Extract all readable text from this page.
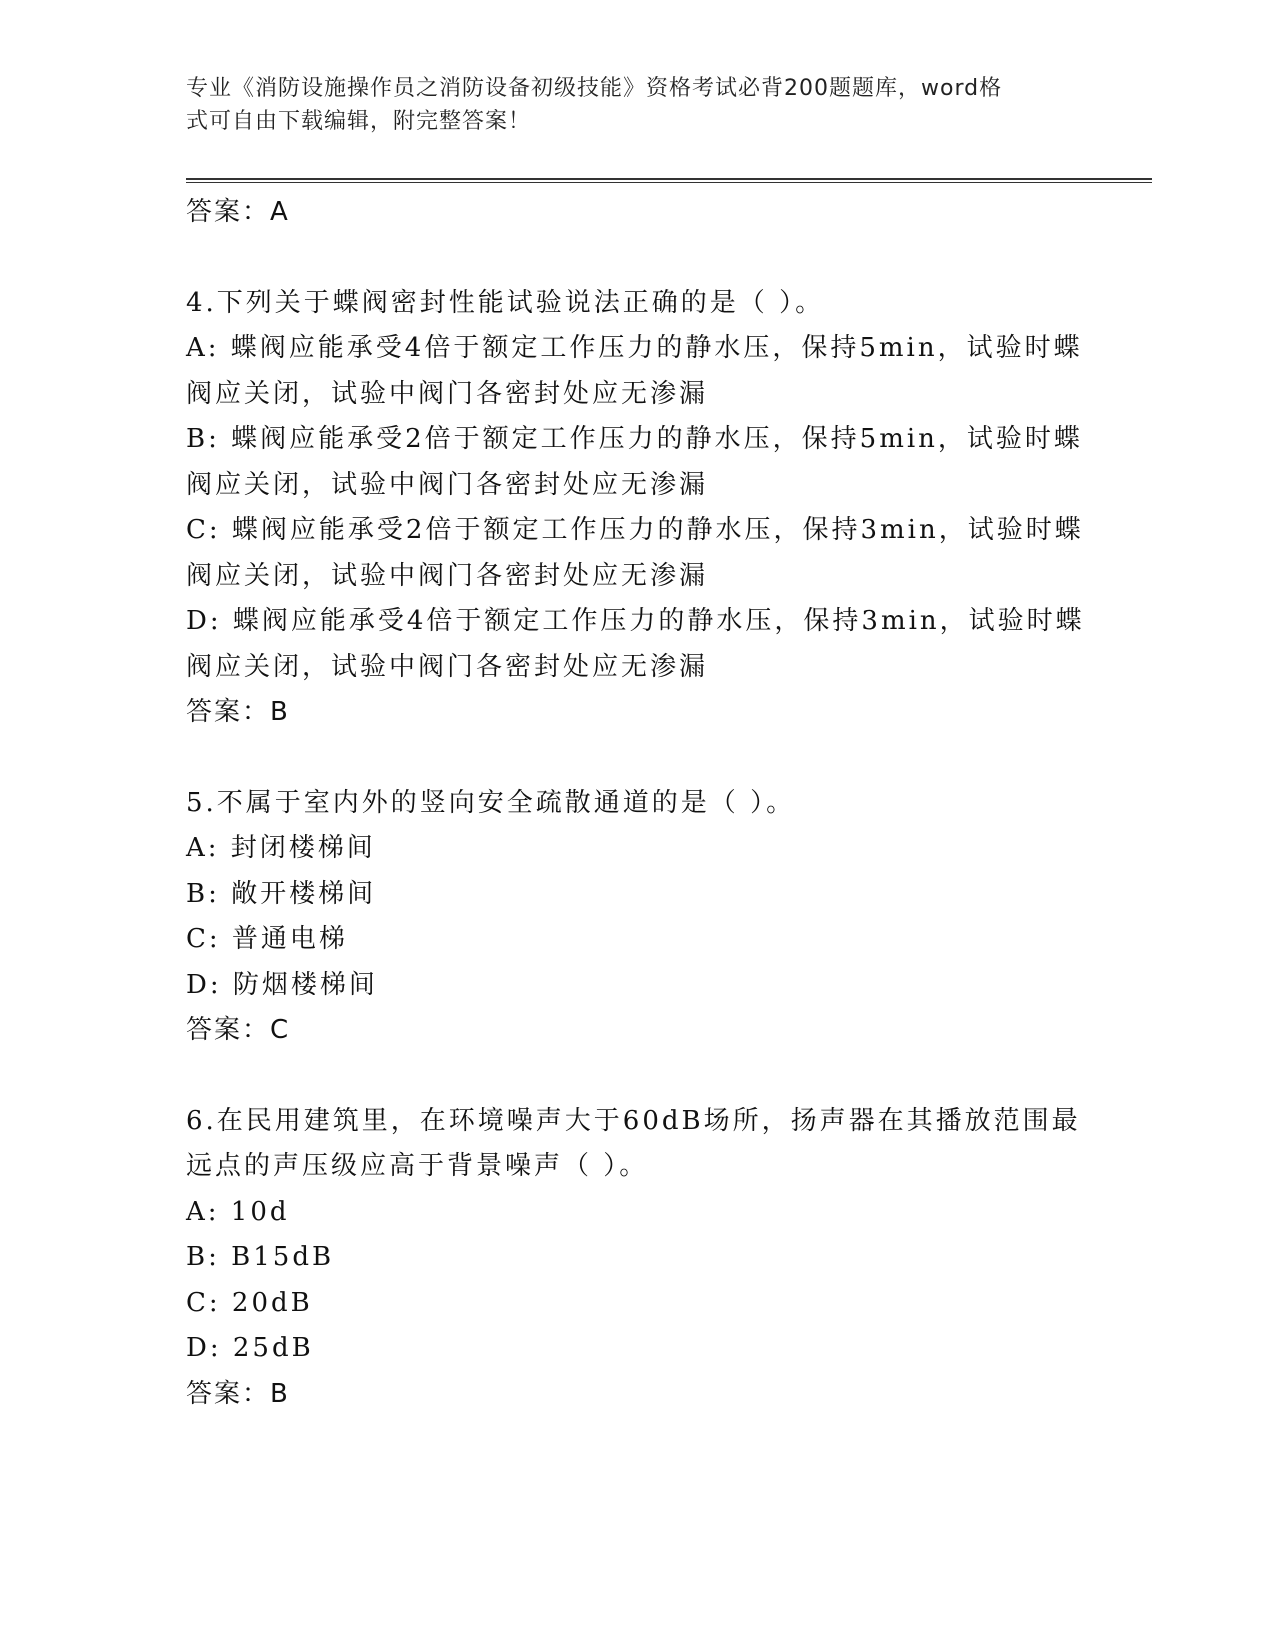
专业《消防设施操作员之消防设备初级技能》资格考试必背200题题库，word格
式可自由下载编辑，附完整答案！
答案：A
4.下列关于蝶阀密封性能试验说法正确的是（ ）。
A: 蝶阀应能承受4倍于额定工作压力的静水压，保持5min，试验时蝶
阀应关闭，试验中阀门各密封处应无渗漏
B: 蝶阀应能承受2倍于额定工作压力的静水压，保持5min，试验时蝶
阀应关闭，试验中阀门各密封处应无渗漏
C: 蝶阀应能承受2倍于额定工作压力的静水压，保持3min，试验时蝶
阀应关闭，试验中阀门各密封处应无渗漏
D: 蝶阀应能承受4倍于额定工作压力的静水压，保持3min，试验时蝶
阀应关闭，试验中阀门各密封处应无渗漏
答案：B
5.不属于室内外的竖向安全疏散通道的是（ ）。
A: 封闭楼梯间
B: 敞开楼梯间
C: 普通电梯
D: 防烟楼梯间
答案：C
6.在民用建筑里，在环境噪声大于60dB场所，扬声器在其播放范围最
远点的声压级应高于背景噪声（ ）。
A: 10d
B: B15dB
C: 20dB
D: 25dB
答案：B
